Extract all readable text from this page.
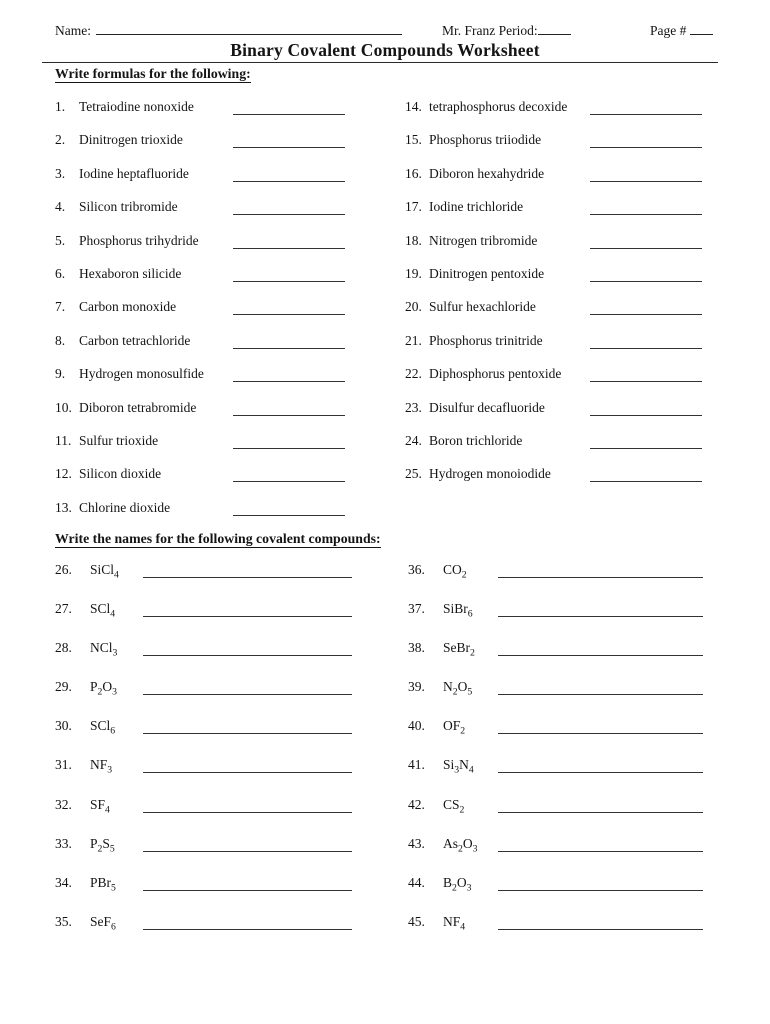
Name:	Mr. Franz Period:	Page #
Binary Covalent Compounds Worksheet
Write formulas for the following:
1. Tetraiodine nonoxide
2. Dinitrogen trioxide
3. Iodine heptafluoride
4. Silicon tribromide
5. Phosphorus trihydride
6. Hexaboron silicide
7. Carbon monoxide
8. Carbon tetrachloride
9. Hydrogen monosulfide
10. Diboron tetrabromide
11. Sulfur trioxide
12. Silicon dioxide
13. Chlorine dioxide
14. tetraphosphorus decoxide
15. Phosphorus triiodide
16. Diboron hexahydride
17. Iodine trichloride
18. Nitrogen tribromide
19. Dinitrogen pentoxide
20. Sulfur hexachloride
21. Phosphorus trinitride
22. Diphosphorus pentoxide
23. Disulfur decafluoride
24. Boron trichloride
25. Hydrogen monoiodide
Write the names for the following covalent compounds:
26. SiCl$_4$
27. SCl$_4$
28. NCl$_3$
29. $P_2O_3$
30. SCl$_6$
31. $NF_3$
32. $SF_4$
33. $P_2S_5$
34. PBr$_5$
35. SeF$_6$
36. $CO_2$
37. SiBr$_6$
38. SeBr$_2$
39. $N_2O_5$
40. $OF_2$
41. $Si_3N_4$
42. $CS_2$
43. $As_2O_3$
44. $B_2O_3$
45. $NF_4$
